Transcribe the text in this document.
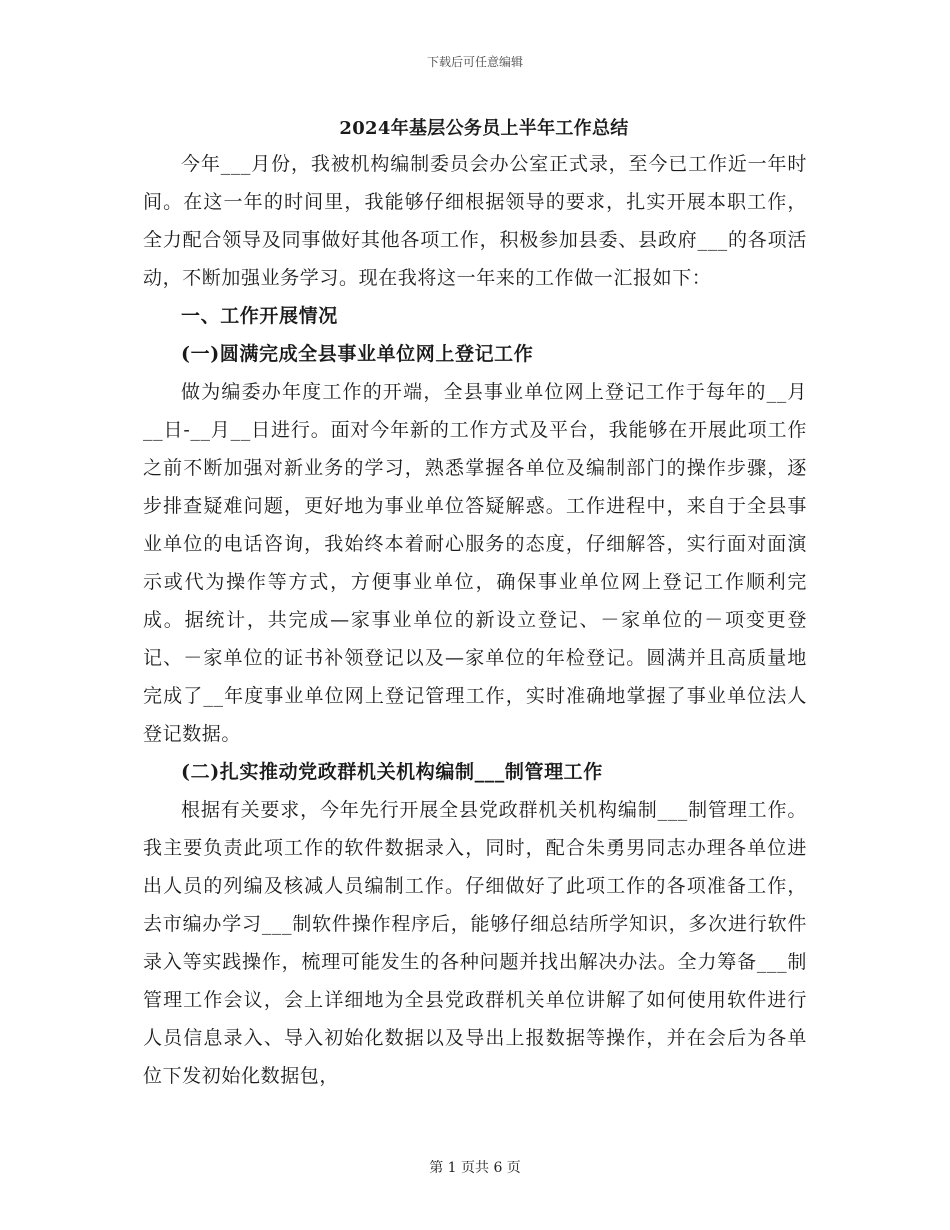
下载后可任意编辑
2024年基层公务员上半年工作总结

今年___月份，我被机构编制委员会办公室正式录，至今已工作近一年时间。在这一年的时间里，我能够仔细根据领导的要求，扎实开展本职工作，全力配合领导及同事做好其他各项工作，积极参加县委、县政府___的各项活动，不断加强业务学习。现在我将这一年来的工作做一汇报如下：

一、工作开展情况

(一)圆满完成全县事业单位网上登记工作

做为编委办年度工作的开端，全县事业单位网上登记工作于每年的__月__日-__月__日进行。面对今年新的工作方式及平台，我能够在开展此项工作之前不断加强对新业务的学习，熟悉掌握各单位及编制部门的操作步骤，逐步排查疑难问题，更好地为事业单位答疑解惑。工作进程中，来自于全县事业单位的电话咨询，我始终本着耐心服务的态度，仔细解答，实行面对面演示或代为操作等方式，方便事业单位，确保事业单位网上登记工作顺利完成。据统计，共完成—家事业单位的新设立登记、－家单位的－项变更登记、－家单位的证书补领登记以及—家单位的年检登记。圆满并且高质量地完成了__年度事业单位网上登记管理工作，实时准确地掌握了事业单位法人登记数据。

(二)扎实推动党政群机关机构编制___制管理工作

根据有关要求，今年先行开展全县党政群机关机构编制___制管理工作。我主要负责此项工作的软件数据录入，同时，配合朱勇男同志办理各单位进出人员的列编及核减人员编制工作。仔细做好了此项工作的各项准备工作，去市编办学习___制软件操作程序后，能够仔细总结所学知识，多次进行软件录入等实践操作，梳理可能发生的各种问题并找出解决办法。全力筹备___制管理工作会议，会上详细地为全县党政群机关单位讲解了如何使用软件进行人员信息录入、导入初始化数据以及导出上报数据等操作，并在会后为各单位下发初始化数据包，

第 1 页共 6 页
